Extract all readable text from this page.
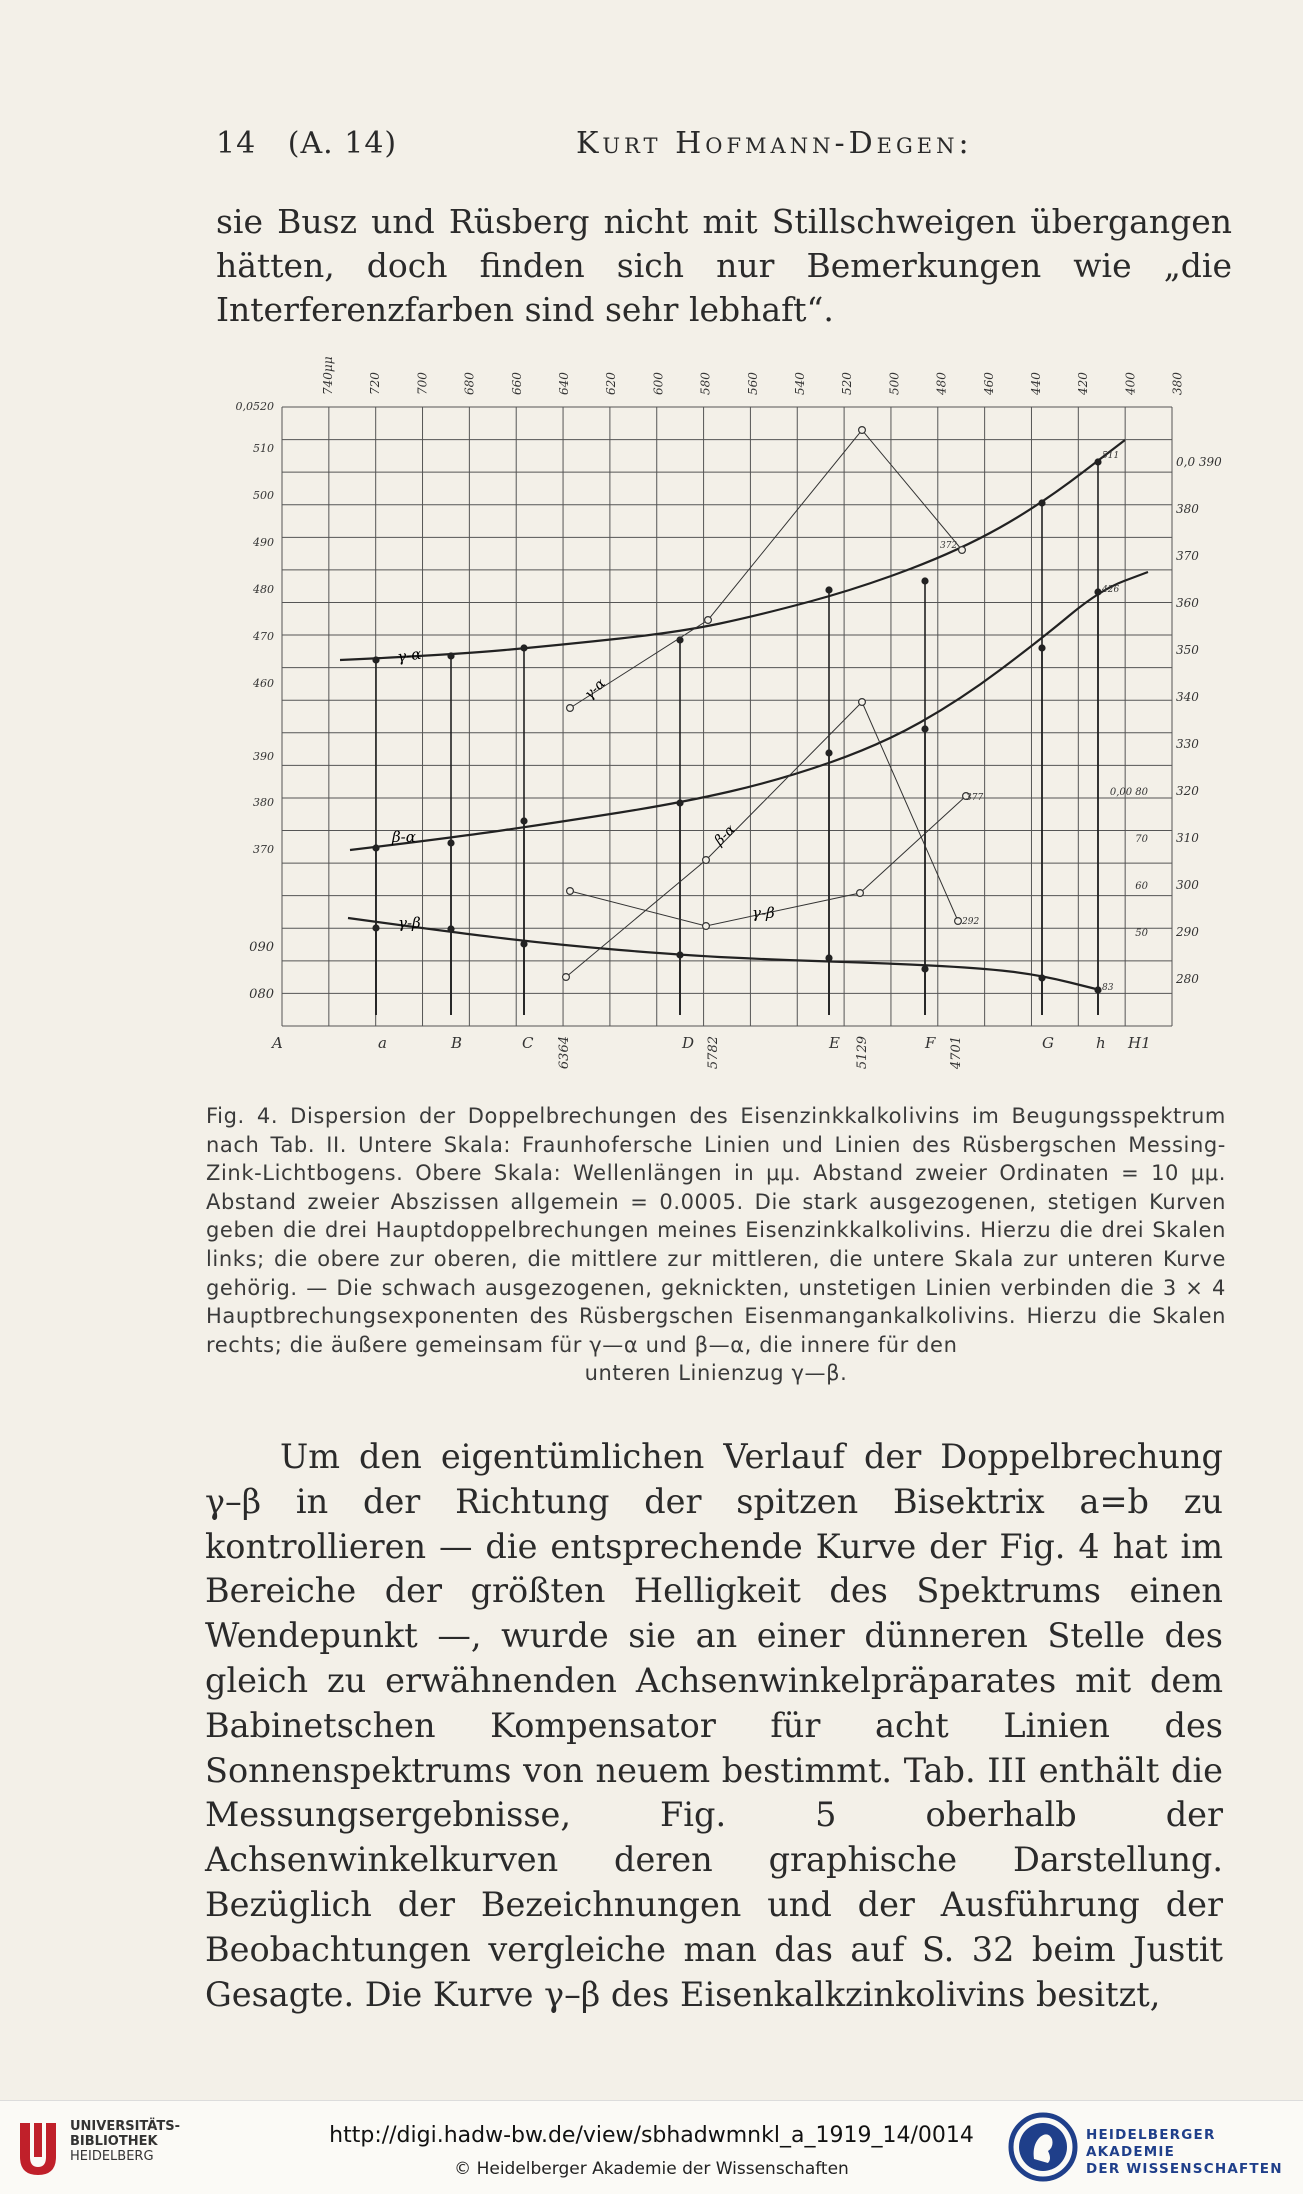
14 (A. 14)	Kurt Hofmann-Degen:

sie Busz und Rüsberg nicht mit Stillschweigen übergangen hätten, doch finden sich nur Bemerkungen wie „die Interferenzfarben sind sehr lebhaft“.

740μμ	720	700	680	660	640	620	600	580	560	540	520	500	480	460	440	420	400	380
A	a	B	C 6364	D 5782	E 5129	F 4701	G	h H1
0,0520
510
500
490
480
470
460
390
380
370
090
080
0,0 390
380
370
360
350
340
330
320
310
300
290
280
0,00 80
70
60
50
511
372
426
377
292
83
γ-α
β-α
γ-β
γ-α
β-α
γ-β

Fig. 4. Dispersion der Doppelbrechungen des Eisenzinkkalkolivins im Beugungsspektrum nach Tab. II. Untere Skala: Fraunhofersche Linien und Linien des Rüsbergschen Messing-Zink-Lichtbogens. Obere Skala: Wellenlängen in μμ. Abstand zweier Ordinaten = 10 μμ. Abstand zweier Abszissen allgemein = 0.0005. Die stark ausgezogenen, stetigen Kurven geben die drei Hauptdoppelbrechungen meines Eisenzinkkalkolivins. Hierzu die drei Skalen links; die obere zur oberen, die mittlere zur mittleren, die untere Skala zur unteren Kurve gehörig. — Die schwach ausgezogenen, geknickten, unstetigen Linien verbinden die 3 × 4 Hauptbrechungsexponenten des Rüsbergschen Eisenmangankalkolivins. Hierzu die Skalen rechts; die äußere gemeinsam für γ—α und β—α, die innere für den

unteren Linienzug γ—β.

Um den eigentümlichen Verlauf der Doppelbrechung γ–β in der Richtung der spitzen Bisektrix a=b zu kontrollieren — die entsprechende Kurve der Fig. 4 hat im Bereiche der größten Helligkeit des Spektrums einen Wendepunkt —, wurde sie an einer dünneren Stelle des gleich zu erwähnenden Achsenwinkelpräparates mit dem Babinetschen Kompensator für acht Linien des Sonnenspektrums von neuem bestimmt. Tab. III enthält die Messungsergebnisse, Fig. 5 oberhalb der Achsenwinkelkurven deren graphische Darstellung. Bezüglich der Bezeichnungen und der Ausführung der Beobachtungen vergleiche man das auf S. 32 beim Justit Gesagte. Die Kurve γ–β des Eisenkalkzinkolivins besitzt,

UNIVERSITÄTS-
BIBLIOTHEK
HEIDELBERG
http://digi.hadw-bw.de/view/sbhadwmnkl_a_1919_14/0014
© Heidelberger Akademie der Wissenschaften
HEIDELBERGER AKADEMIE
DER WISSENSCHAFTEN
